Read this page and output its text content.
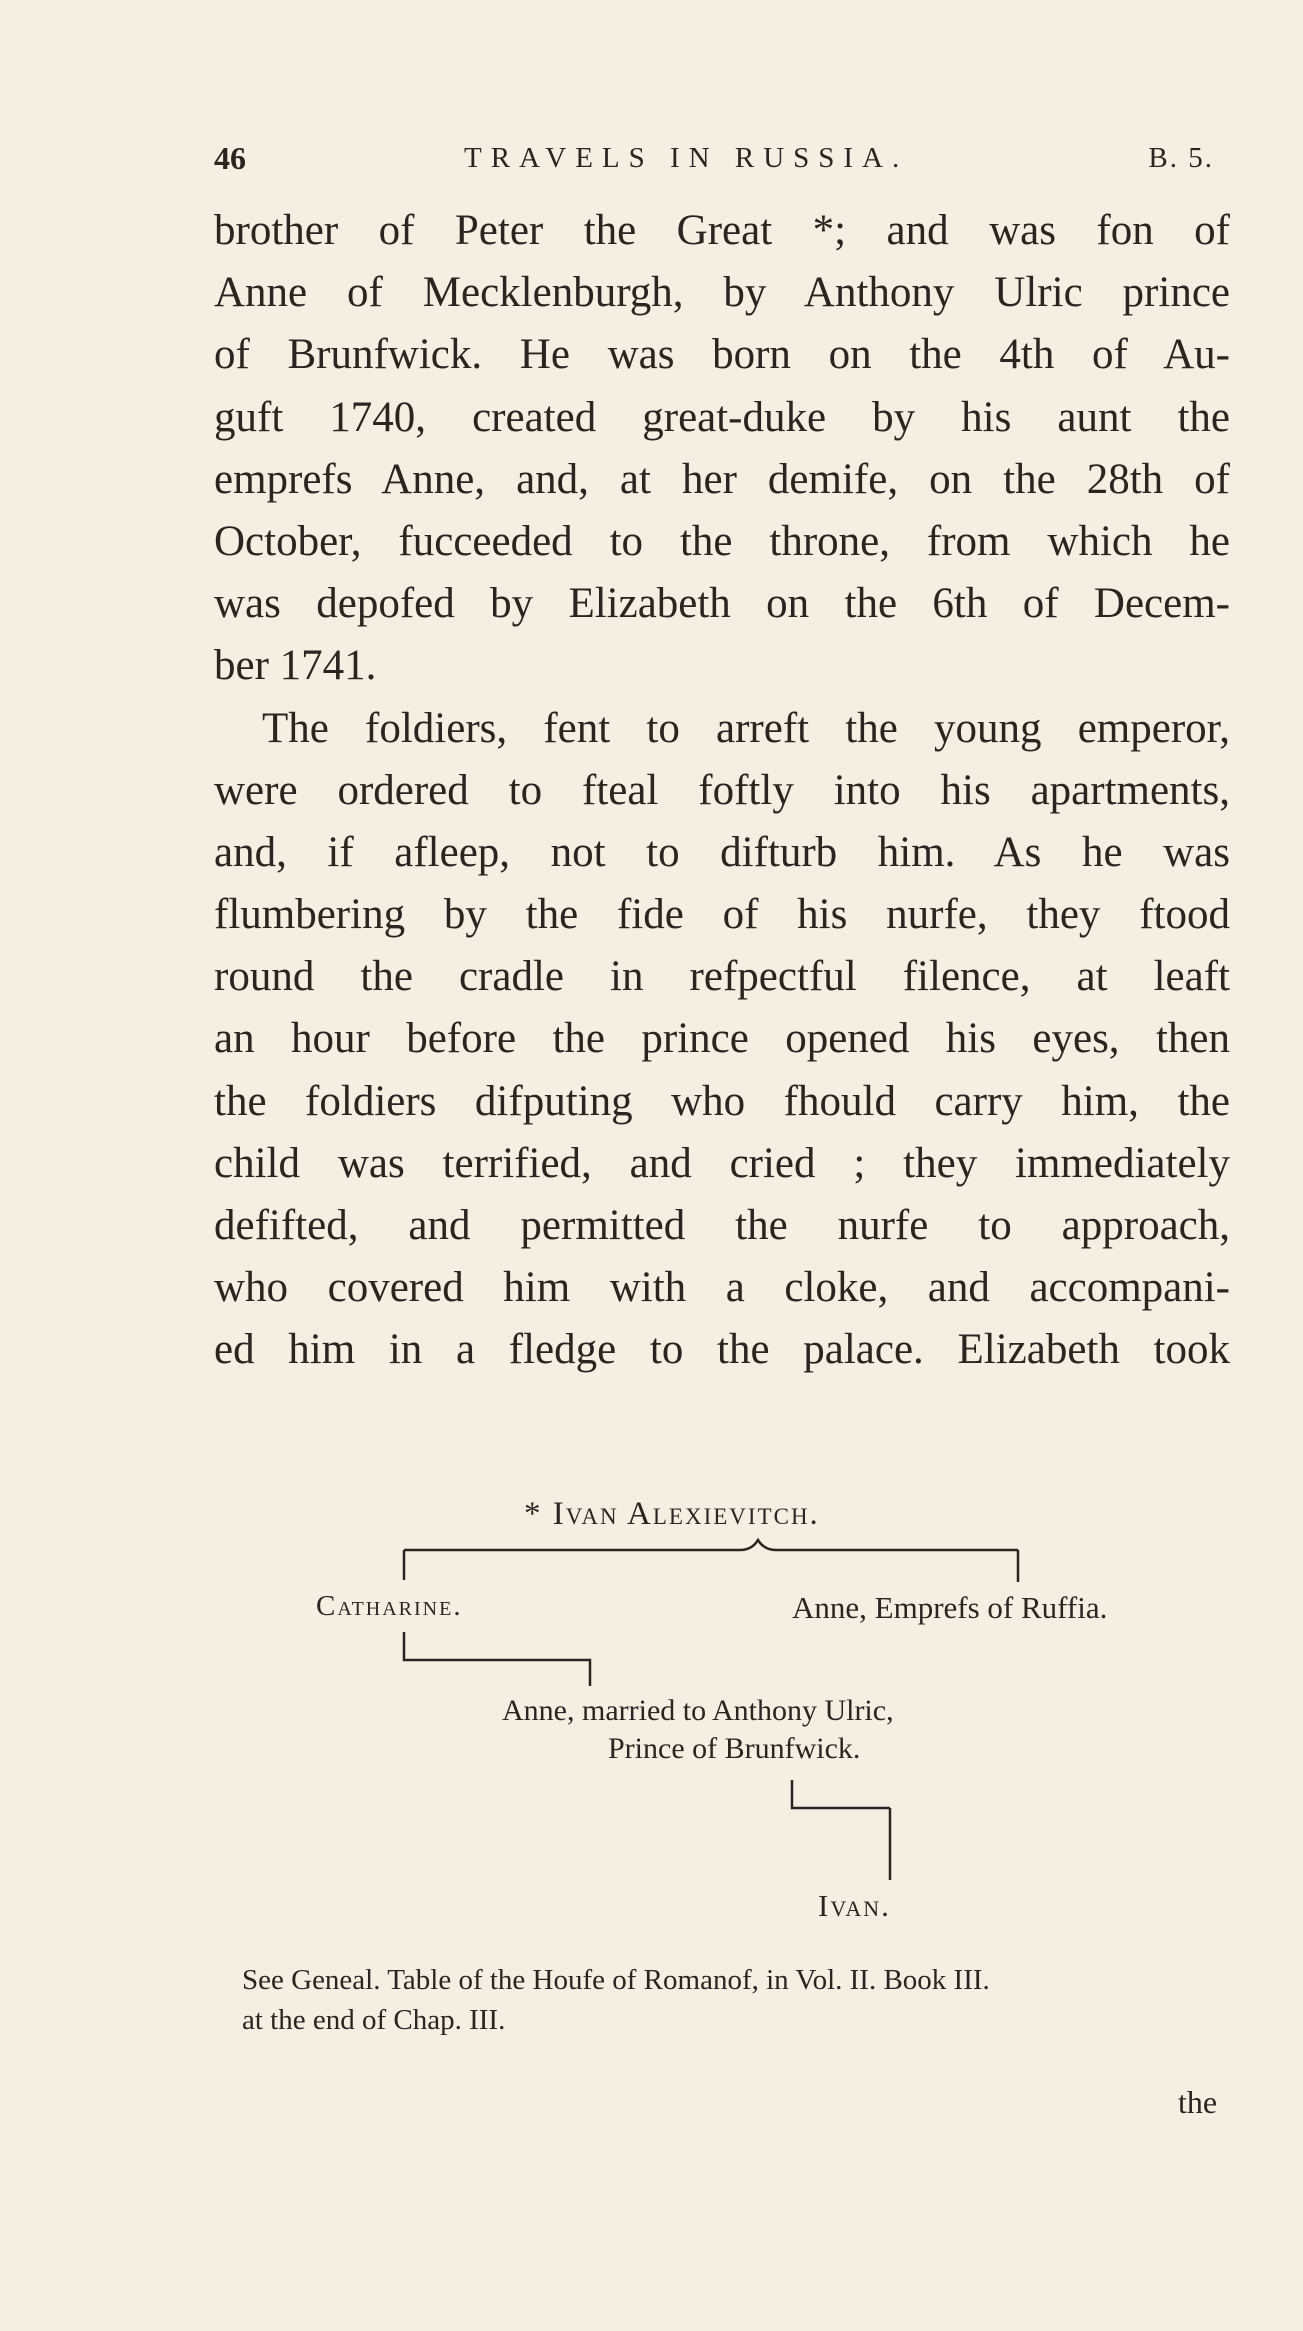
46	TRAVELS IN RUSSIA.	B. 5.
brother of Peter the Great *; and was fon of
Anne of Mecklenburgh, by Anthony Ulric prince
of Brunfwick. He was born on the 4th of Au-
guft 1740, created great-duke by his aunt the
emprefs Anne, and, at her demife, on the 28th of
October, fucceeded to the throne, from which he
was depofed by Elizabeth on the 6th of Decem-
ber 1741.
The foldiers, fent to arreft the young emperor,
were ordered to fteal foftly into his apartments,
and, if afleep, not to difturb him. As he was
flumbering by the fide of his nurfe, they ftood
round the cradle in refpectful filence, at leaft
an hour before the prince opened his eyes, then
the foldiers difputing who fhould carry him, the
child was terrified, and cried ; they immediately
defifted, and permitted the nurfe to approach,
who covered him with a cloke, and accompani-
ed him in a fledge to the palace. Elizabeth took
* Ivan Alexievitch.
Catharine.	Anne, Emprefs of Ruffia.
Anne, married to Anthony Ulric,
Prince of Brunfwick.
Ivan.
See Geneal. Table of the Houfe of Romanof, in Vol. II. Book III.
at the end of Chap. III.
the
